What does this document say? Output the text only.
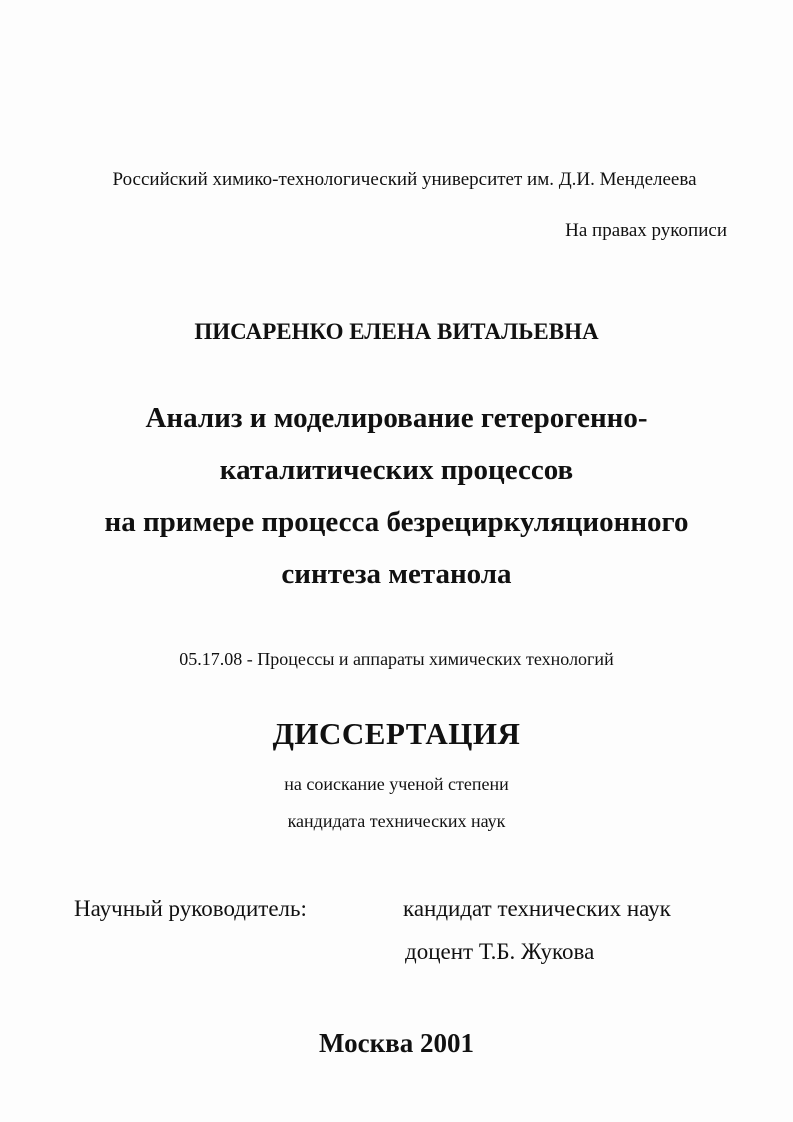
Российский химико-технологический университет им. Д.И. Менделеева
На правах рукописи
ПИСАРЕНКО ЕЛЕНА ВИТАЛЬЕВНА
Анализ и моделирование гетерогенно-
каталитических процессов
на примере процесса безрециркуляционного
синтеза метанола
05.17.08 - Процессы и аппараты химических технологий
ДИССЕРТАЦИЯ
на соискание ученой степени
кандидата технических наук
Научный руководитель:	кандидат технических наук
доцент Т.Б. Жукова
Москва 2001
